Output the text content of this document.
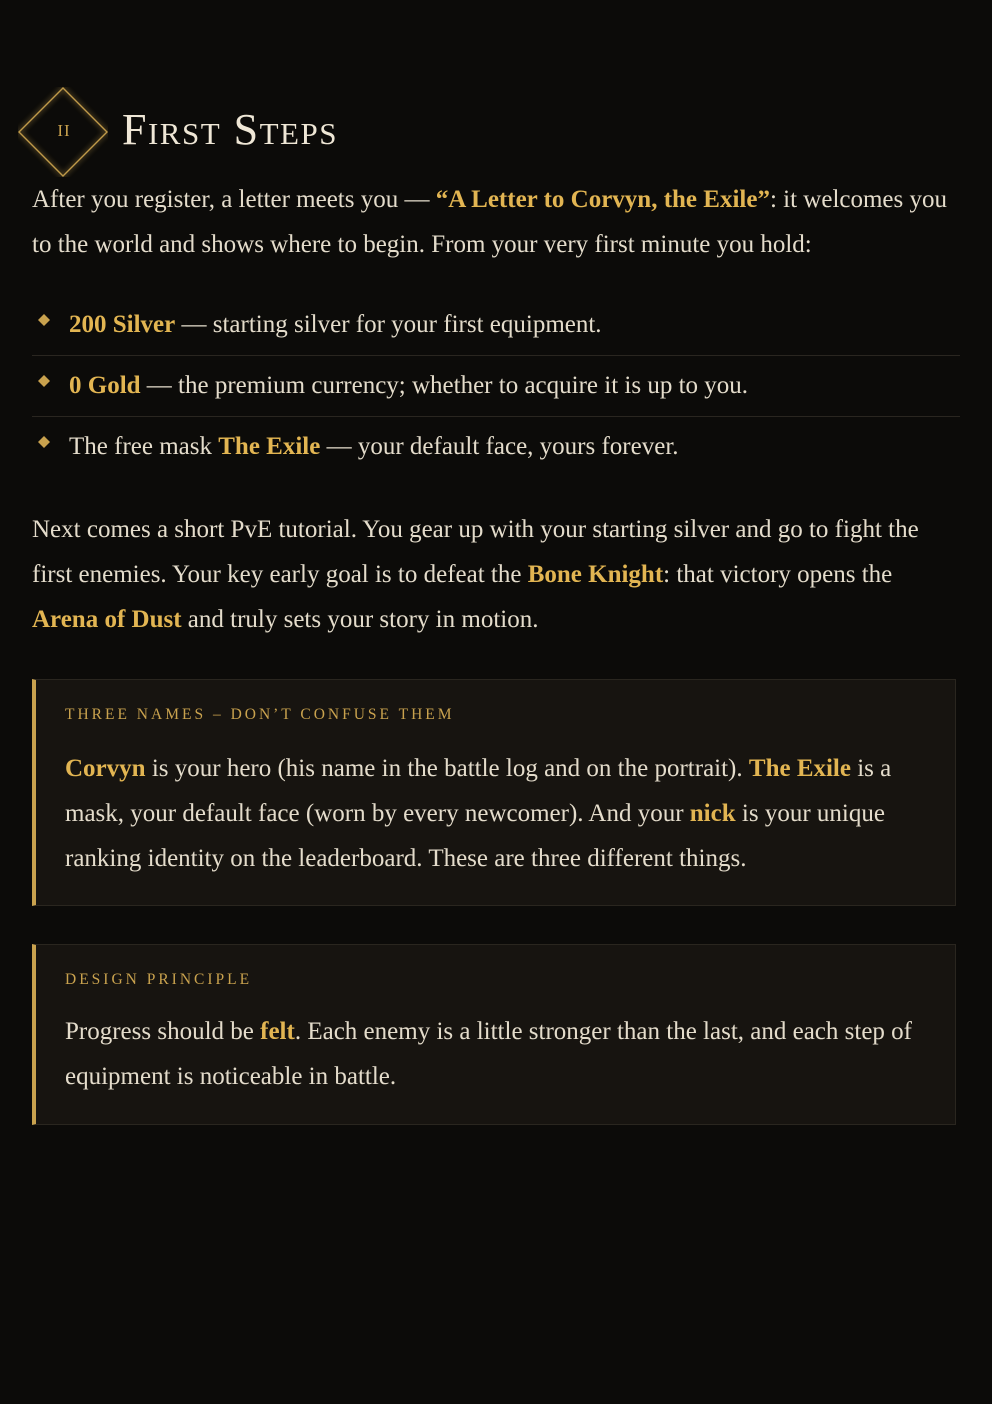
II	First Steps

After you register, a letter meets you — “A Letter to Corvyn, the Exile”: it welcomes you to the world and shows where to begin. From your very first minute you hold:

200 Silver — starting silver for your first equipment.
0 Gold — the premium currency; whether to acquire it is up to you.
The free mask The Exile — your default face, yours forever.

Next comes a short PvE tutorial. You gear up with your starting silver and go to fight the first enemies. Your key early goal is to defeat the Bone Knight: that victory opens the Arena of Dust and truly sets your story in motion.

THREE NAMES – DON’T CONFUSE THEM

Corvyn is your hero (his name in the battle log and on the portrait). The Exile is a mask, your default face (worn by every newcomer). And your nick is your unique ranking identity on the leaderboard. These are three different things.

DESIGN PRINCIPLE

Progress should be felt. Each enemy is a little stronger than the last, and each step of equipment is noticeable in battle.
